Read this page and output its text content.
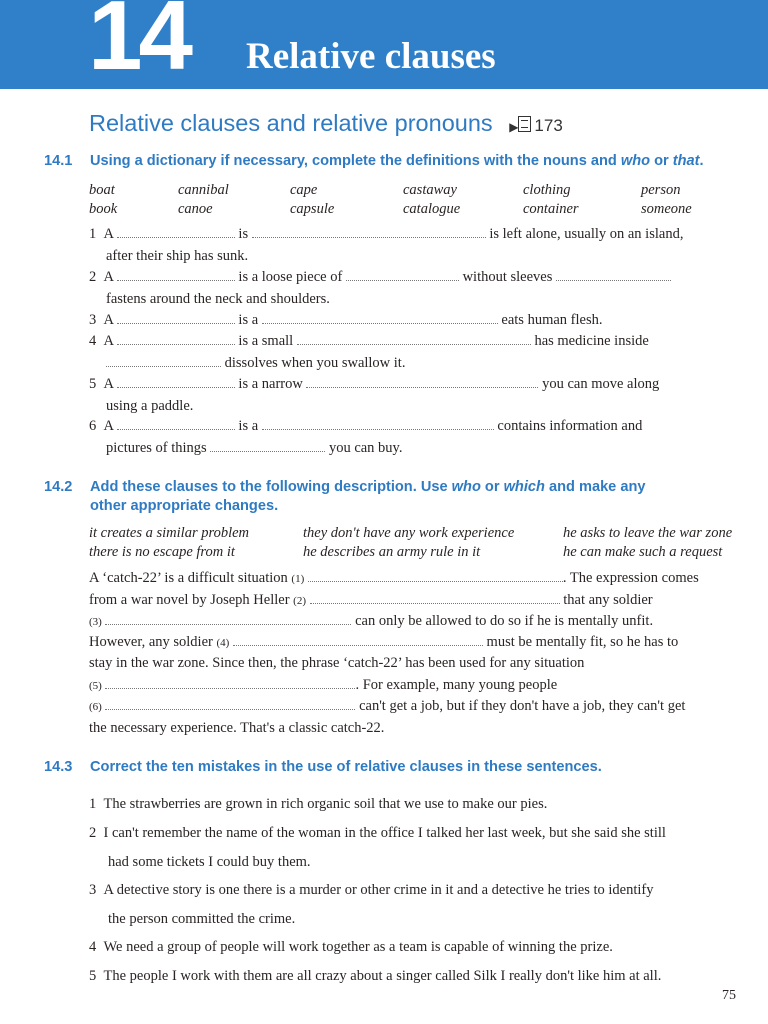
14 Relative clauses
Relative clauses and relative pronouns ▶ 173
14.1 Using a dictionary if necessary, complete the definitions with the nouns and who or that.
boat	cannibal	cape	castaway	clothing	person
book	canoe	capsule	catalogue	container	someone
1 A	is	is left alone, usually on an island,
after their ship has sunk.
2 A	is a loose piece of	without sleeves
fastens around the neck and shoulders.
3 A	is a	eats human flesh.
4 A	is a small	has medicine inside
dissolves when you swallow it.
5 A	is a narrow	you can move along
using a paddle.
6 A	is a	contains information and
pictures of things	you can buy.
14.2 Add these clauses to the following description. Use who or which and make any
other appropriate changes.
it creates a similar problem	they don't have any work experience	he asks to leave the war zone
there is no escape from it	he describes an army rule in it	he can make such a request
A ‘catch-22’ is a difficult situation (1)	. The expression comes
from a war novel by Joseph Heller (2)	that any soldier
(3)	can only be allowed to do so if he is mentally unfit.
However, any soldier (4)	must be mentally fit, so he has to
stay in the war zone. Since then, the phrase ‘catch-22’ has been used for any situation
(5)	. For example, many young people
(6)	can't get a job, but if they don't have a job, they can't get
the necessary experience. That's a classic catch-22.
14.3 Correct the ten mistakes in the use of relative clauses in these sentences.
1 The strawberries are grown in rich organic soil that we use to make our pies.
2 I can't remember the name of the woman in the office I talked her last week, but she said she still
had some tickets I could buy them.
3 A detective story is one there is a murder or other crime in it and a detective he tries to identify
the person committed the crime.
4 We need a group of people will work together as a team is capable of winning the prize.
5 The people I work with them are all crazy about a singer called Silk I really don't like him at all.
75
